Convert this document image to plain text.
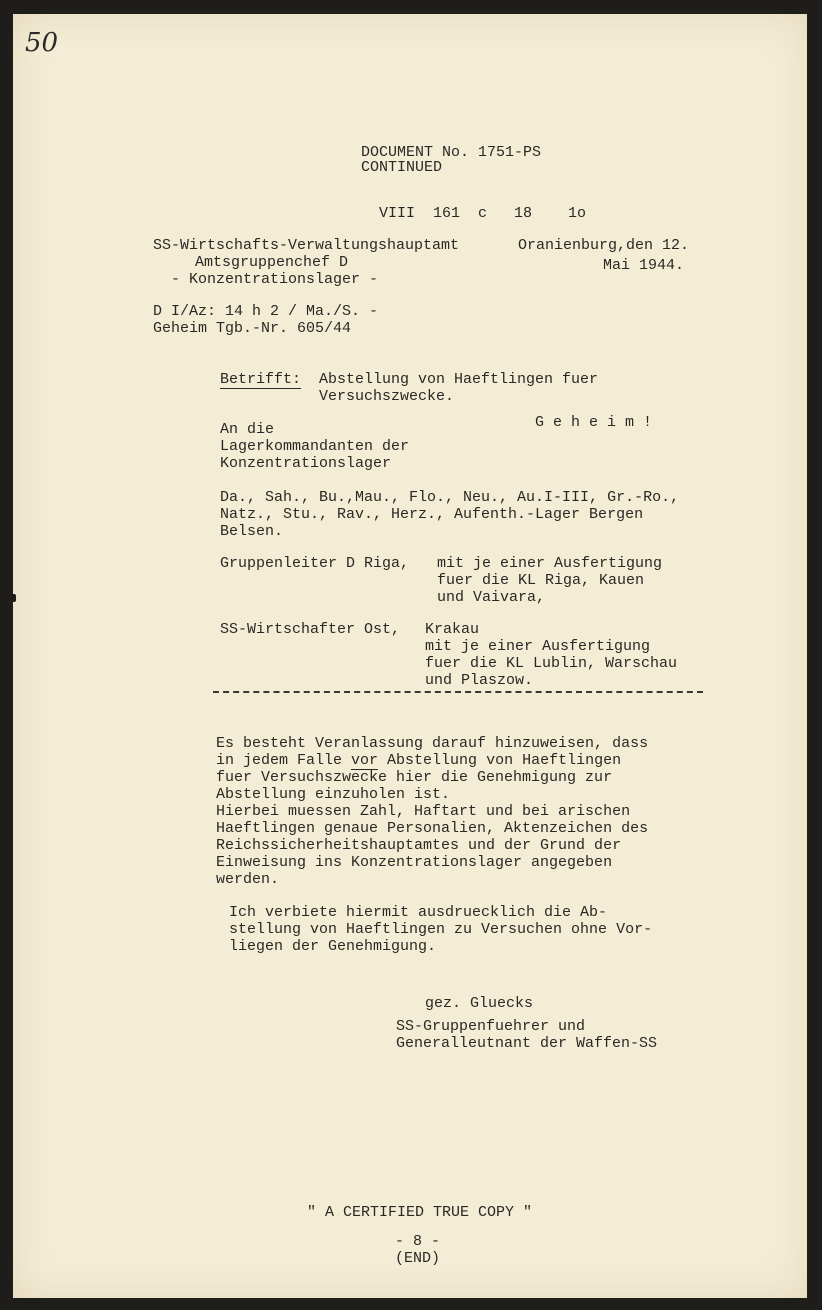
50
DOCUMENT No. 1751-PS
CONTINUED
VIII  161  c   18    1o
SS-Wirtschafts-Verwaltungshauptamt
Amtsgruppenchef D
- Konzentrationslager -
Oranienburg,den 12.
Mai 1944.
D I/Az: 14 h 2 / Ma./S. -
Geheim Tgb.-Nr. 605/44
Betrifft: Abstellung von Haeftlingen fuer
Versuchszwecke.
G e h e i m !
An die
Lagerkommandanten der
Konzentrationslager
Da., Sah., Bu.,Mau., Flo., Neu., Au.I-III, Gr.-Ro.,
Natz., Stu., Rav., Herz., Aufenth.-Lager Bergen
Belsen.
Gruppenleiter D Riga, mit je einer Ausfertigung
fuer die KL Riga, Kauen
und Vaivara,
SS-Wirtschafter Ost, Krakau
mit je einer Ausfertigung
fuer die KL Lublin, Warschau
und Plaszow.
Es besteht Veranlassung darauf hinzuweisen, dass
in jedem Falle vor Abstellung von Haeftlingen
fuer Versuchszwecke hier die Genehmigung zur
Abstellung einzuholen ist.
Hierbei muessen Zahl, Haftart und bei arischen
Haeftlingen genaue Personalien, Aktenzeichen des
Reichssicherheitshauptamtes und der Grund der
Einweisung ins Konzentrationslager angegeben
werden.
Ich verbiete hiermit ausdruecklich die Ab-
stellung von Haeftlingen zu Versuchen ohne Vor-
liegen der Genehmigung.
gez. Gluecks
SS-Gruppenfuehrer und
Generalleutnant der Waffen-SS
" A CERTIFIED TRUE COPY "
- 8 -
(END)
